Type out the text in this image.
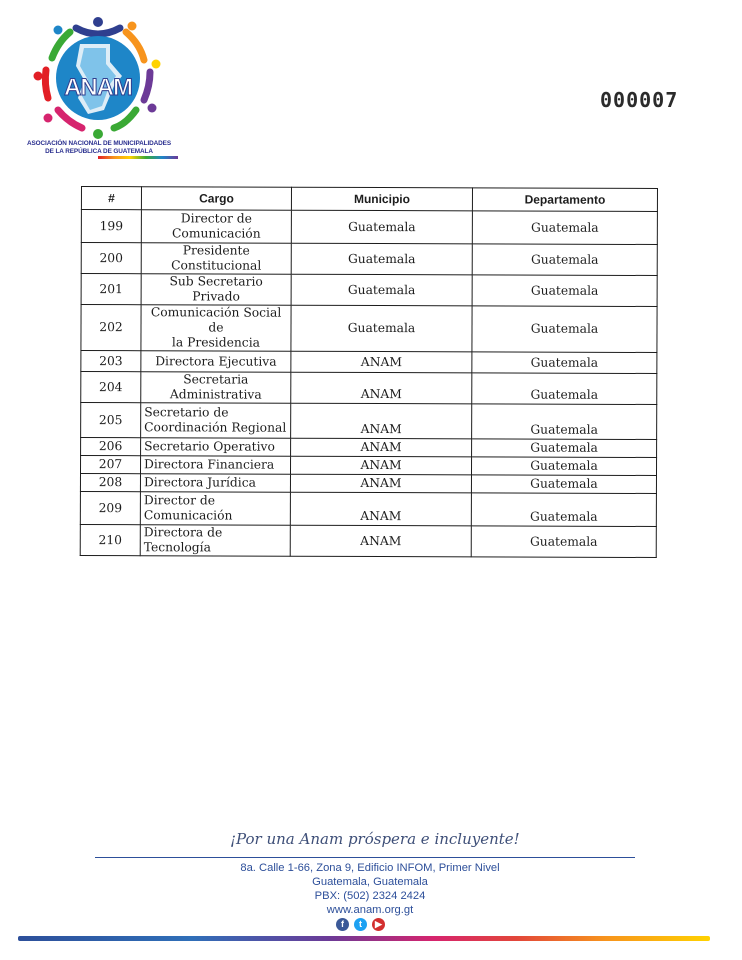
ANAM
ASOCIACIÓN NACIONAL DE MUNICIPALIDADES
DE LA REPÚBLICA DE GUATEMALA
000007
#	Cargo	Municipio	Departamento
199	Director de
Comunicación	Guatemala	Guatemala
200	Presidente
Constitucional	Guatemala	Guatemala
201	Sub Secretario Privado	Guatemala	Guatemala
202	Comunicación Social de
la Presidencia	Guatemala	Guatemala
203	Directora Ejecutiva	ANAM	Guatemala
204	Secretaria
Administrativa	ANAM	Guatemala
205	Secretario de
Coordinación Regional	ANAM	Guatemala
206	Secretario Operativo	ANAM	Guatemala
207	Directora Financiera	ANAM	Guatemala
208	Directora Jurídica	ANAM	Guatemala
209	Director de
Comunicación	ANAM	Guatemala
210	Directora de Tecnología	ANAM	Guatemala
¡Por una Anam próspera e incluyente!
8a. Calle 1-66, Zona 9, Edificio INFOM, Primer Nivel
Guatemala, Guatemala
PBX: (502) 2324 2424
www.anam.org.gt
f	t	▶
